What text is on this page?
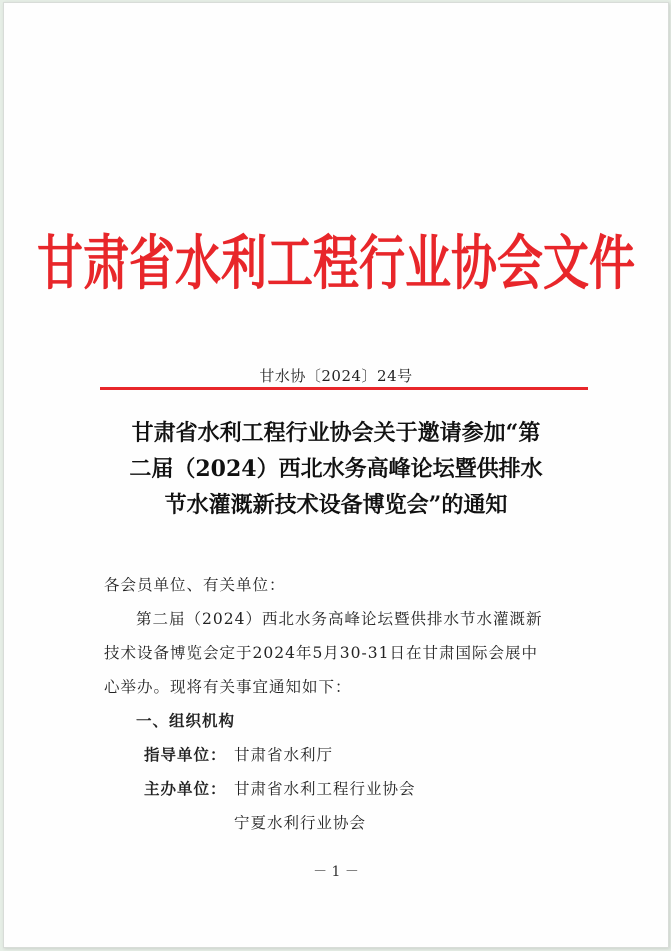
甘肃省水利工程行业协会文件
甘水协〔2024〕24号
甘肃省水利工程行业协会关于邀请参加“第
二届（2024）西北水务高峰论坛暨供排水
节水灌溉新技术设备博览会”的通知
各会员单位、有关单位：
第二届（2024）西北水务高峰论坛暨供排水节水灌溉新
技术设备博览会定于2024年5月30-31日在甘肃国际会展中
心举办。现将有关事宜通知如下：
一、组织机构
指导单位： 甘肃省水利厅
主办单位： 甘肃省水利工程行业协会
宁夏水利行业协会
－ 1 －
